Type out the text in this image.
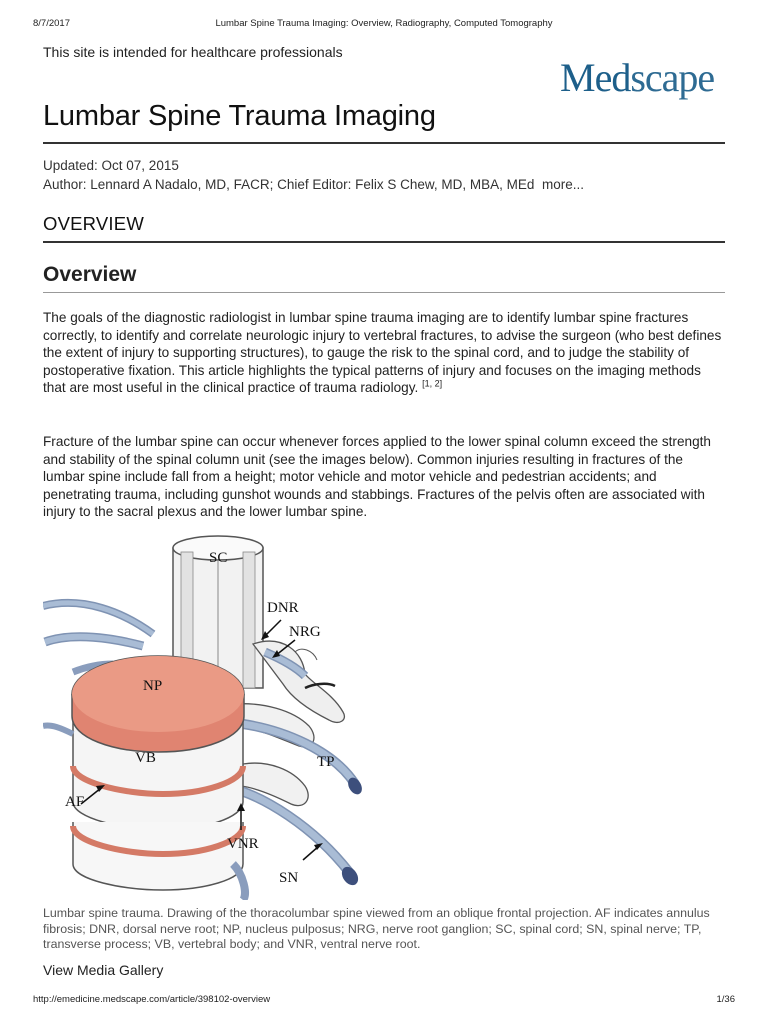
8/7/2017	Lumbar Spine Trauma Imaging: Overview, Radiography, Computed Tomography
This site is intended for healthcare professionals
Medscape
Lumbar Spine Trauma Imaging
Updated: Oct 07, 2015
Author: Lennard A Nadalo, MD, FACR; Chief Editor: Felix S Chew, MD, MBA, MEd more...
OVERVIEW
Overview

The goals of the diagnostic radiologist in lumbar spine trauma imaging are to identify lumbar spine fractures correctly, to identify and correlate neurologic injury to vertebral fractures, to advise the surgeon (who best defines the extent of injury to supporting structures), to gauge the risk to the spinal cord, and to judge the stability of postoperative fixation. This article highlights the typical patterns of injury and focuses on the imaging methods that are most useful in the clinical practice of trauma radiology. [1, 2]

Fracture of the lumbar spine can occur whenever forces applied to the lower spinal column exceed the strength and stability of the spinal column unit (see the images below). Common injuries resulting in fractures of the lumbar spine include fall from a height; motor vehicle and motor vehicle and pedestrian accidents; and penetrating trauma, including gunshot wounds and stabbings. Fractures of the pelvis often are associated with injury to the sacral plexus and the lower lumbar spine.

SC
DNR
NRG
NP
VB	TP
AF
VNR
SN

Lumbar spine trauma. Drawing of the thoracolumbar spine viewed from an oblique frontal projection. AF indicates annulus fibrosis; DNR, dorsal nerve root; NP, nucleus pulposus; NRG, nerve root ganglion; SC, spinal cord; SN, spinal nerve; TP, transverse process; VB, vertebral body; and VNR, ventral nerve root.

View Media Gallery
http://emedicine.medscape.com/article/398102-overview	1/36
